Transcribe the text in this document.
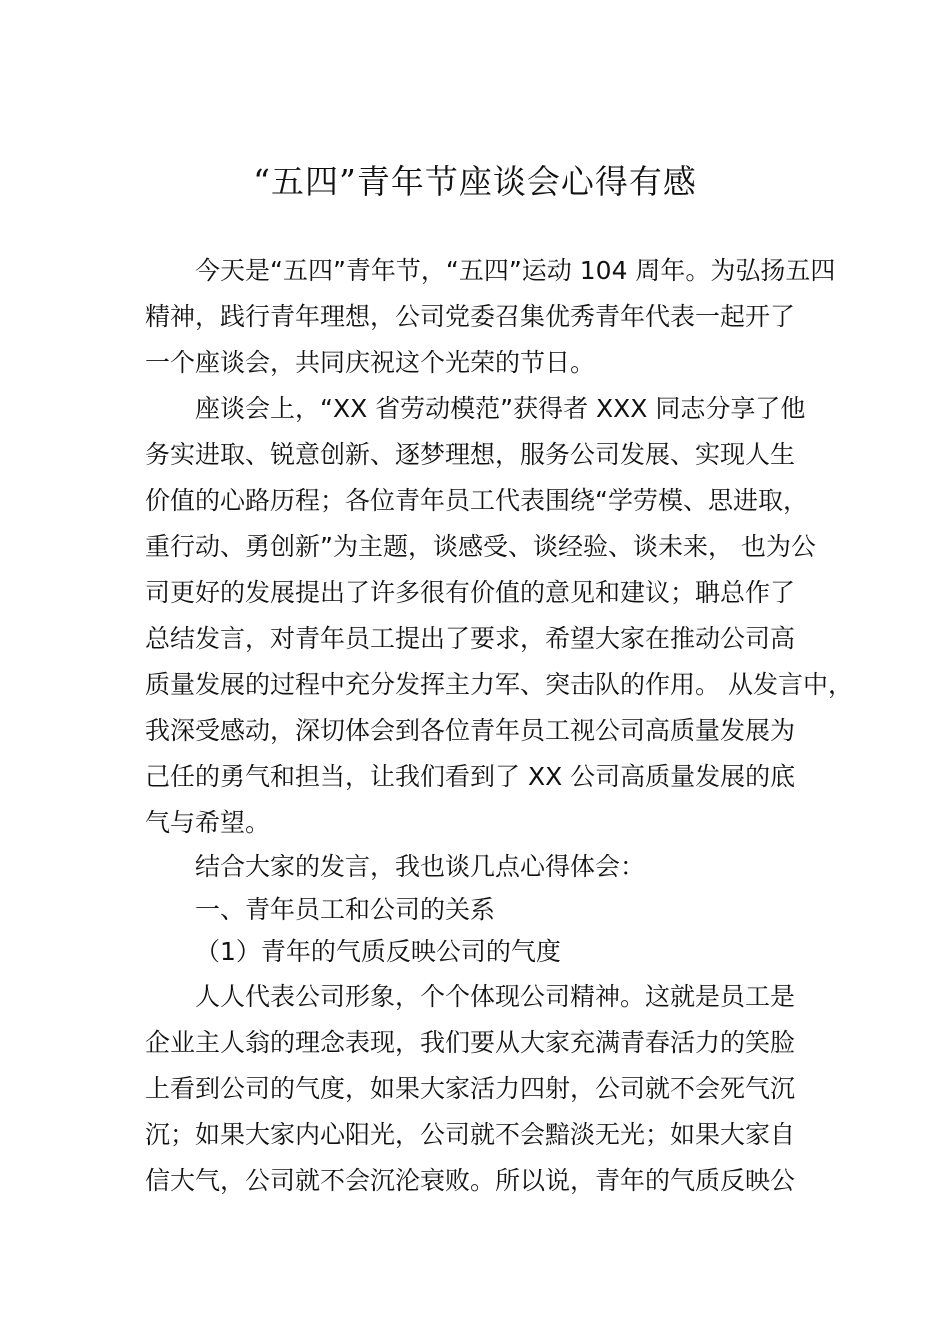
“五四”青年节座谈会心得有感
今天是“五四”青年节，“五四”运动 104 周年。为弘扬五四
精神，践行青年理想，公司党委召集优秀青年代表一起开了
一个座谈会，共同庆祝这个光荣的节日。
座谈会上，“XX 省劳动模范”获得者 XXX 同志分享了他
务实进取、锐意创新、逐梦理想，服务公司发展、实现人生
价值的心路历程；各位青年员工代表围绕“学劳模、思进取，
重行动、勇创新”为主题，谈感受、谈经验、谈未来， 也为公
司更好的发展提出了许多很有价值的意见和建议；聃总作了
总结发言，对青年员工提出了要求，希望大家在推动公司高
质量发展的过程中充分发挥主力军、突击队的作用。 从发言中，
我深受感动，深切体会到各位青年员工视公司高质量发展为
己任的勇气和担当，让我们看到了 XX 公司高质量发展的底
气与希望。
结合大家的发言，我也谈几点心得体会：
一、青年员工和公司的关系
（1）青年的气质反映公司的气度
人人代表公司形象，个个体现公司精神。这就是员工是
企业主人翁的理念表现，我们要从大家充满青春活力的笑脸
上看到公司的气度，如果大家活力四射，公司就不会死气沉
沉；如果大家内心阳光，公司就不会黯淡无光；如果大家自
信大气，公司就不会沉沦衰败。所以说，青年的气质反映公
